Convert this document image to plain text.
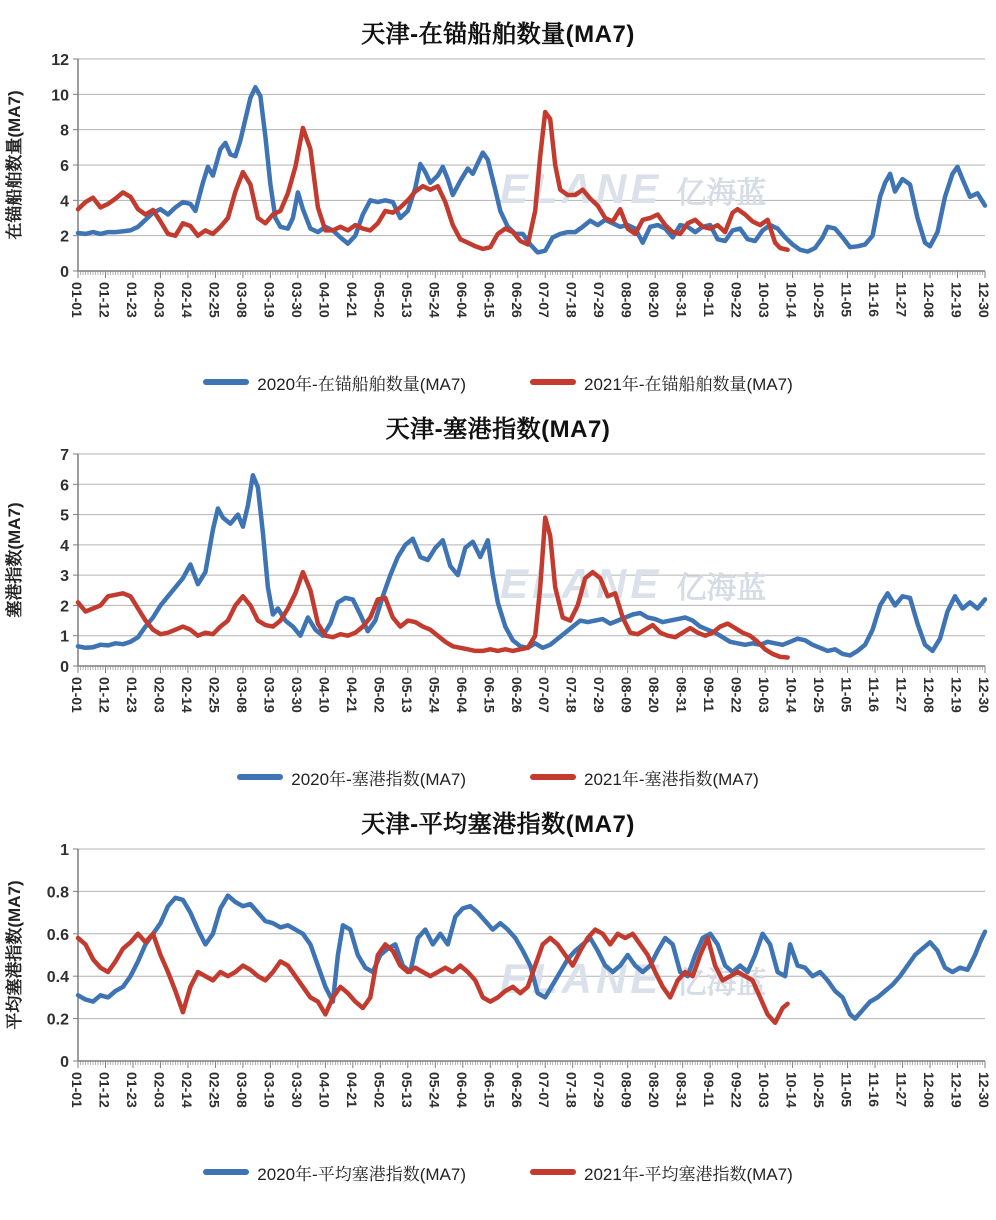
天津-在锚船舶数量(MA7)
0
2
4
6
8
10
12
01-01 01-12 01-23 02-03 02-14 02-25 03-08 03-19 03-30 04-10 04-21 05-02 05-13 05-24 06-04 06-15 06-26 07-07 07-18 07-29 08-09 08-20 08-31 09-11 09-22 10-03 10-14 10-25 11-05 11-16 11-27 12-08 12-19 12-30
在锚船舶数量(MA7)	ELANE 亿海蓝
2020年-在锚船舶数量(MA7)	2021年-在锚船舶数量(MA7)
天津-塞港指数(MA7)
0
1
2
3
4
5
6
7
01-01 01-12 01-23 02-03 02-14 02-25 03-08 03-19 03-30 04-10 04-21 05-02 05-13 05-24 06-04 06-15 06-26 07-07 07-18 07-29 08-09 08-20 08-31 09-11 09-22 10-03 10-14 10-25 11-05 11-16 11-27 12-08 12-19 12-30
塞港指数(MA7)	ELANE 亿海蓝
2020年-塞港指数(MA7)	2021年-塞港指数(MA7)
天津-平均塞港指数(MA7)
0
0.2
0.4
0.6
0.8
1
01-01 01-12 01-23 02-03 02-14 02-25 03-08 03-19 03-30 04-10 04-21 05-02 05-13 05-24 06-04 06-15 06-26 07-07 07-18 07-29 08-09 08-20 08-31 09-11 09-22 10-03 10-14 10-25 11-05 11-16 11-27 12-08 12-19 12-30
平均塞港指数(MA7)	ELANE 亿海蓝
2020年-平均塞港指数(MA7)	2021年-平均塞港指数(MA7)
